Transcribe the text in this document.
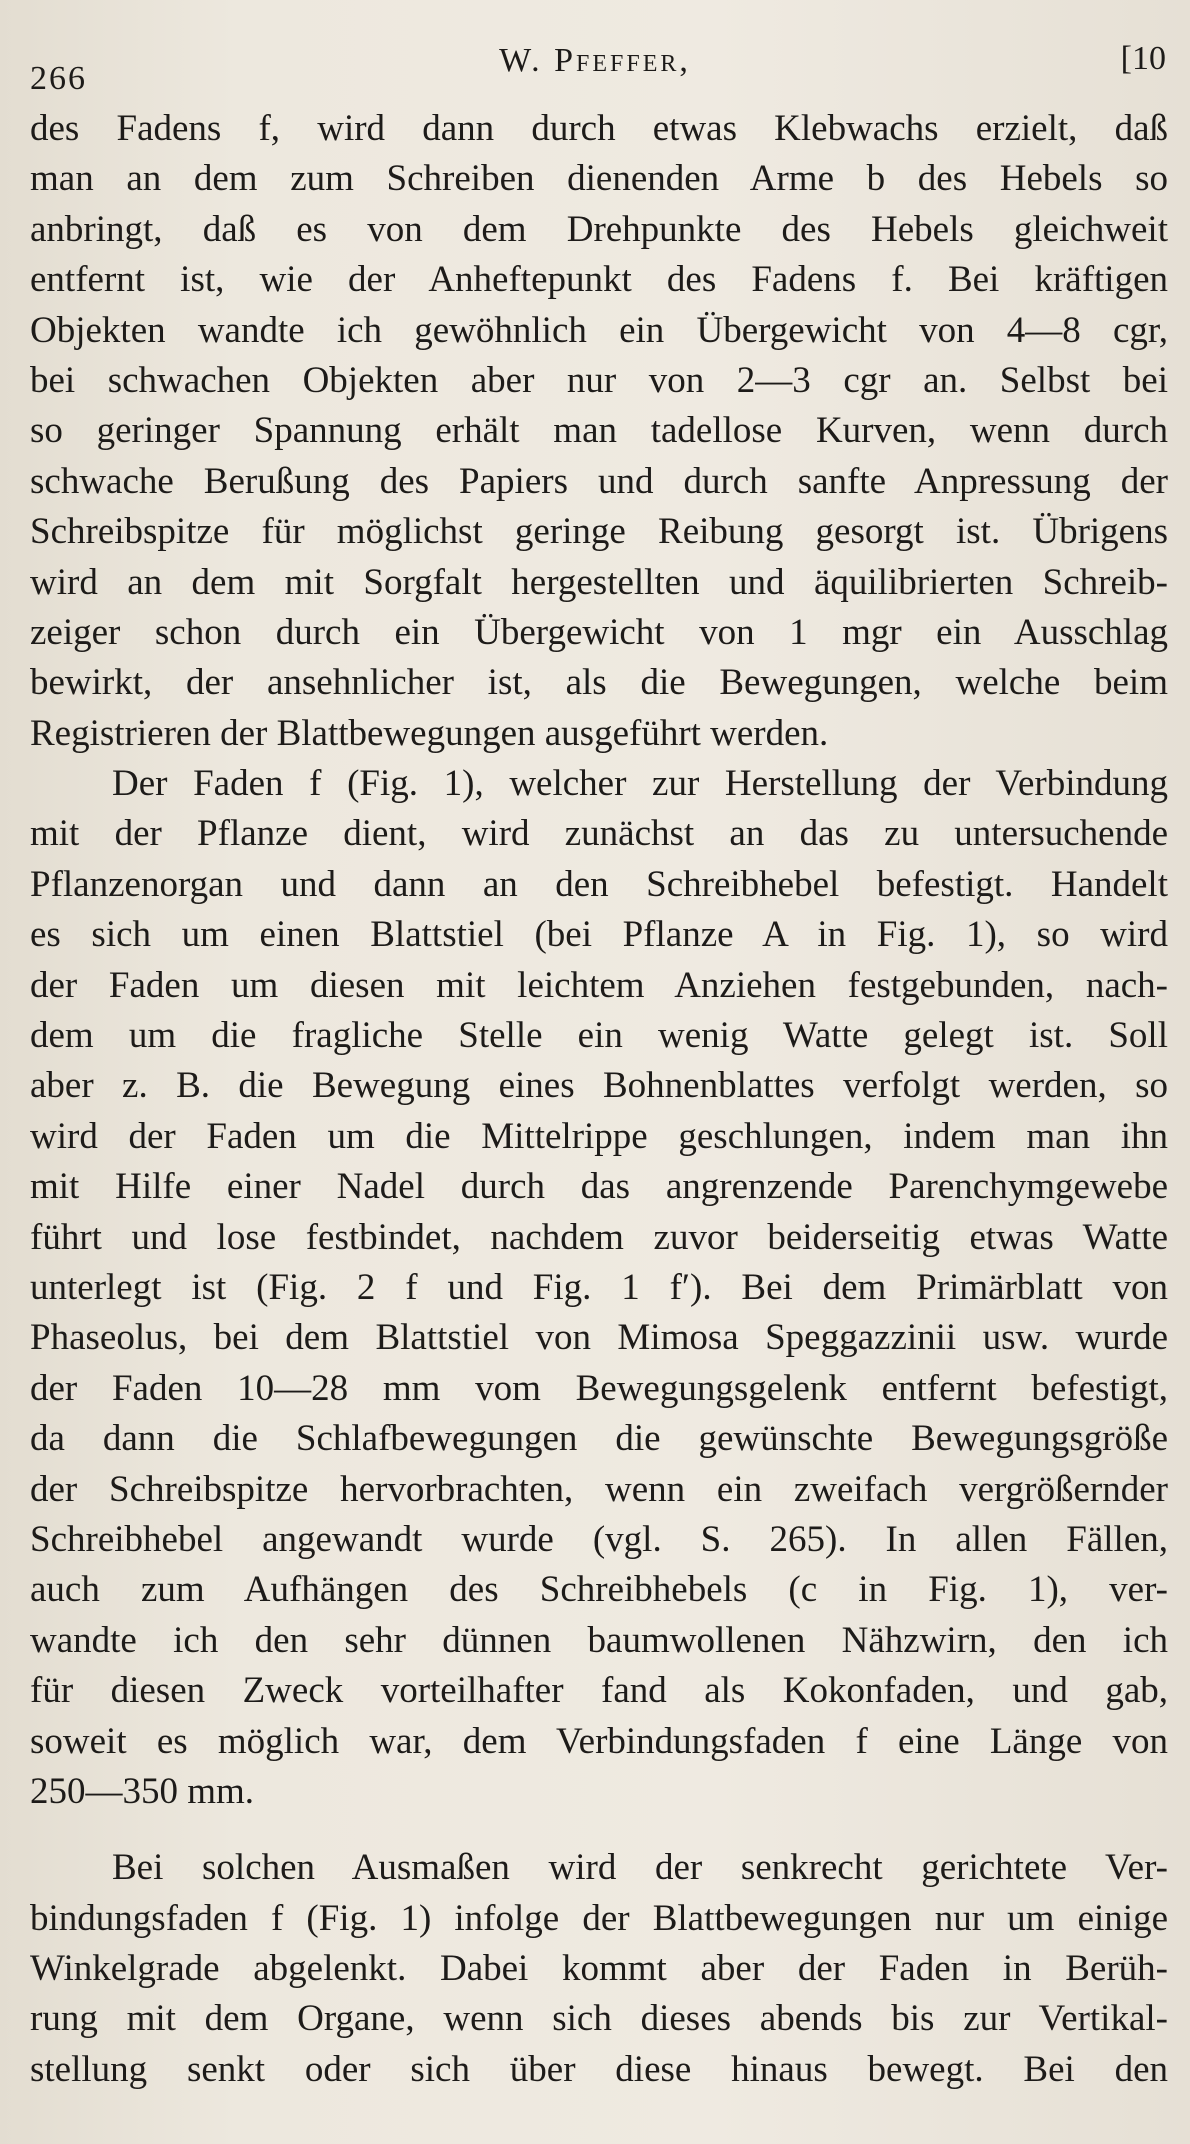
266	W. Pfeffer,	[10
des Fadens f, wird dann durch etwas Klebwachs erzielt, daß
man an dem zum Schreiben dienenden Arme b des Hebels so
anbringt, daß es von dem Drehpunkte des Hebels gleichweit
entfernt ist, wie der Anheftepunkt des Fadens f. Bei kräftigen
Objekten wandte ich gewöhnlich ein Übergewicht von 4—8 cgr,
bei schwachen Objekten aber nur von 2—3 cgr an. Selbst bei
so geringer Spannung erhält man tadellose Kurven, wenn durch
schwache Berußung des Papiers und durch sanfte Anpressung der
Schreibspitze für möglichst geringe Reibung gesorgt ist. Übrigens
wird an dem mit Sorgfalt hergestellten und äquilibrierten Schreib-
zeiger schon durch ein Übergewicht von 1 mgr ein Ausschlag
bewirkt, der ansehnlicher ist, als die Bewegungen, welche beim
Registrieren der Blattbewegungen ausgeführt werden.
Der Faden f (Fig. 1), welcher zur Herstellung der Verbindung
mit der Pflanze dient, wird zunächst an das zu untersuchende
Pflanzenorgan und dann an den Schreibhebel befestigt. Handelt
es sich um einen Blattstiel (bei Pflanze A in Fig. 1), so wird
der Faden um diesen mit leichtem Anziehen festgebunden, nach-
dem um die fragliche Stelle ein wenig Watte gelegt ist. Soll
aber z. B. die Bewegung eines Bohnenblattes verfolgt werden, so
wird der Faden um die Mittelrippe geschlungen, indem man ihn
mit Hilfe einer Nadel durch das angrenzende Parenchymgewebe
führt und lose festbindet, nachdem zuvor beiderseitig etwas Watte
unterlegt ist (Fig. 2 f und Fig. 1 f′). Bei dem Primärblatt von
Phaseolus, bei dem Blattstiel von Mimosa Speggazzinii usw. wurde
der Faden 10—28 mm vom Bewegungsgelenk entfernt befestigt,
da dann die Schlafbewegungen die gewünschte Bewegungsgröße
der Schreibspitze hervorbrachten, wenn ein zweifach vergrößernder
Schreibhebel angewandt wurde (vgl. S. 265). In allen Fällen,
auch zum Aufhängen des Schreibhebels (c in Fig. 1), ver-
wandte ich den sehr dünnen baumwollenen Nähzwirn, den ich
für diesen Zweck vorteilhafter fand als Kokonfaden, und gab,
soweit es möglich war, dem Verbindungsfaden f eine Länge von
250—350 mm.
Bei solchen Ausmaßen wird der senkrecht gerichtete Ver-
bindungsfaden f (Fig. 1) infolge der Blattbewegungen nur um einige
Winkelgrade abgelenkt. Dabei kommt aber der Faden in Berüh-
rung mit dem Organe, wenn sich dieses abends bis zur Vertikal-
stellung senkt oder sich über diese hinaus bewegt. Bei den
